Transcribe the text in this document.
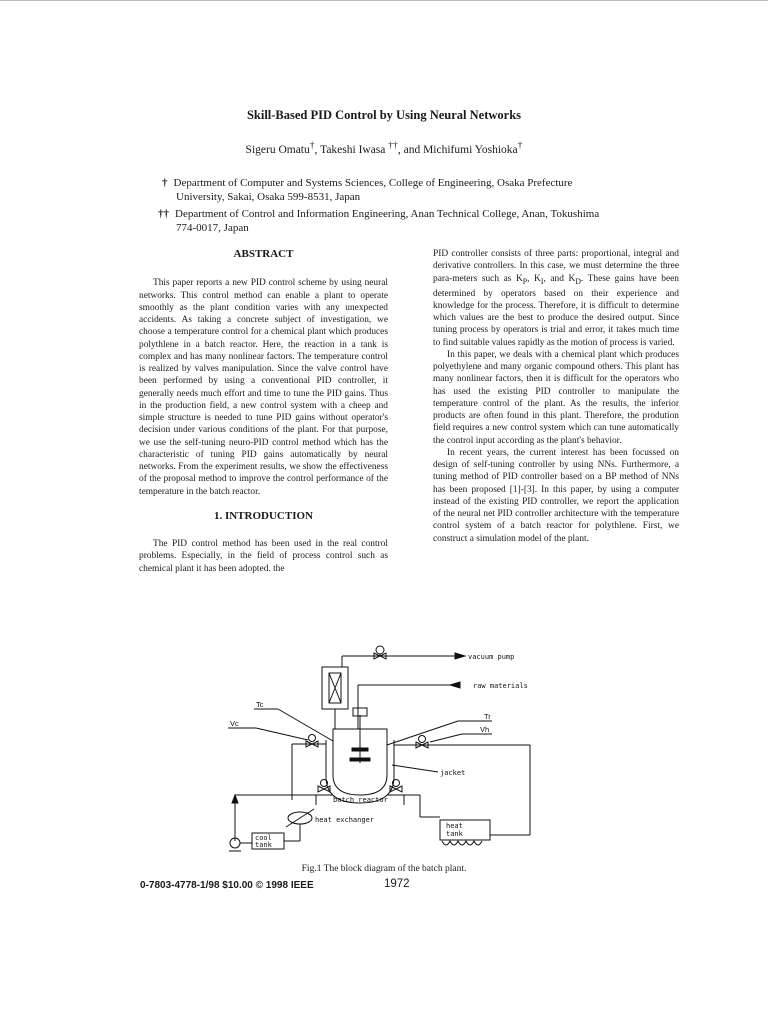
Skill-Based PID Control by Using Neural Networks
Sigeru Omatu†, Takeshi Iwasa ††, and Michifumi Yoshioka†
† Department of Computer and Systems Sciences, College of Engineering, Osaka Prefecture
University, Sakai, Osaka 599-8531, Japan
†† Department of Control and Information Engineering, Anan Technical College, Anan, Tokushima
774-0017, Japan

ABSTRACT

This paper reports a new PID control scheme by using neural networks. This control method can enable a plant to operate smoothly as the plant condition varies with any unexpected accidents. As taking a concrete subject of investigation, we choose a temperature control for a chemical plant which produces polythlene in a batch reactor. Here, the reaction in a tank is complex and has many nonlinear factors. The temperature control is realized by valves manipulation. Since the valve control have been performed by using a conventional PID controller, it generally needs much effort and time to tune the PID gains. Thus in the production field, a new control system with a cheep and simple structure is needed to tune PID gains without operator's decision under various conditions of the plant. For that purpose, we use the self-tuning neuro-PID control method which has the characteristic of tuning PID gains automatically by neural networks. From the experiment results, we show the effectiveness of the proposal method to improve the control performance of the temperature in the batch reactor.

1. INTRODUCTION

The PID control method has been used in the real control problems. Especially, in the field of process control such as chemical plant it has been adopted. the

PID controller consists of three parts: proportional, integral and derivative controllers. In this case, we must determine the three para-meters such as $K_P$, $K_I$, and $K_D$. These gains have been determined by operators based on their experience and knowledge for the process. Therefore, it is difficult to determine which values are the best to produce the desired output. Since tuning process by operators is trial and error, it takes much time to find suitable values rapidly as the motion of process is varied.

In this paper, we deals with a chemical plant which produces polyethylene and many organic compound others. This plant has many nonlinear factors, then it is difficult for the operators who has used the existing PID controller to manipulate the temperature control of the plant. As the results, the inferior products are often found in this plant. Therefore, the prodution field requires a new control system which can tune automatically the control input according as the plant's behavior.

In recent years, the current interest has been focussed on design of self-tuning controller by using NNs. Furthermore, a tuning method of PID controller based on a BP method of NNs has been proposed [1]-[3]. In this paper, by using a computer instead of the existing PID controller, we report the application of the neural net PID controller architecture with the temperature control system of a batch reactor for polythlene. First, we construct a simulation model of the plant.

vacuum pump
raw materials
Tc
Vc
Tr
Vh
jacket
batch reactor
heat exchanger
cool
tank
heat
tank
Fig.1 The block diagram of the batch plant.
0-7803-4778-1/98 $10.00 © 1998 IEEE	1972
